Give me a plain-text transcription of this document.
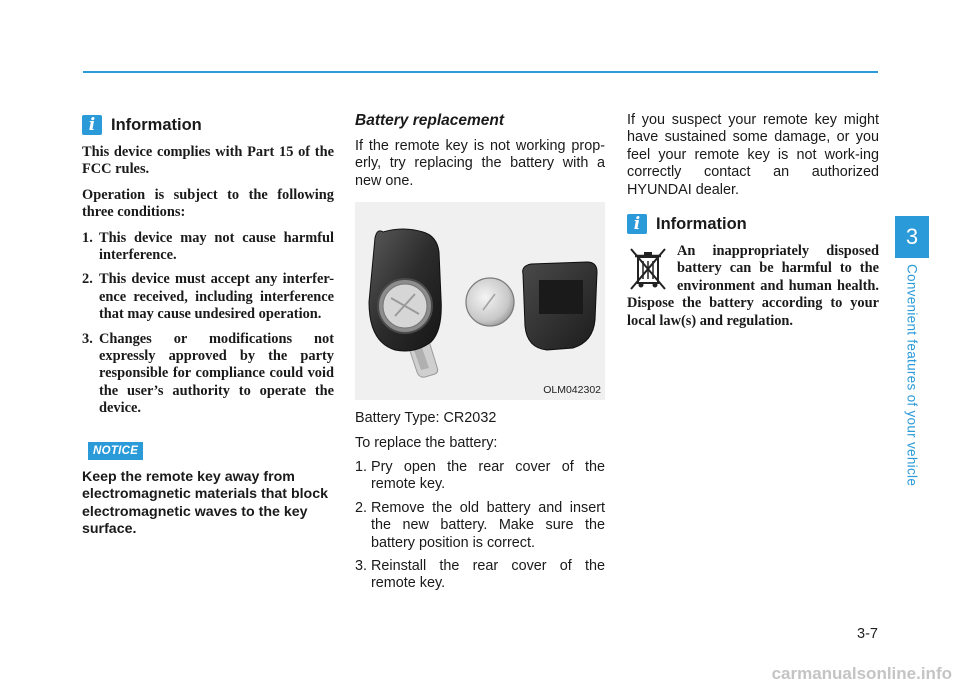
i Information

This device complies with Part 15 of the FCC rules.

Operation is subject to the following three conditions:

1. This device may not cause harmful interference.
2. This device must accept any interfer-ence received, including interference that may cause undesired operation.
3. Changes or modifications not expressly approved by the party responsible for compliance could void the user’s authority to operate the device.
NOTICE
Keep the remote key away from electromagnetic materials that block electromagnetic waves to the key surface.
Battery replacement

If the remote key is not working prop-erly, try replacing the battery with a new one.

OLM042302

Battery Type: CR2032

To replace the battery:

1. Pry open the rear cover of the remote key.
2. Remove the old battery and insert the new battery. Make sure the battery position is correct.
3. Reinstall the rear cover of the remote key.

If you suspect your remote key might have sustained some damage, or you feel your remote key is not work-ing correctly contact an authorized HYUNDAI dealer.

i Information
An inappropriately disposed battery can be harmful to the environment and human health. Dispose the battery according to your local law(s) and regulation.
3
Convenient features of your vehicle
3-7
carmanualsonline.info
